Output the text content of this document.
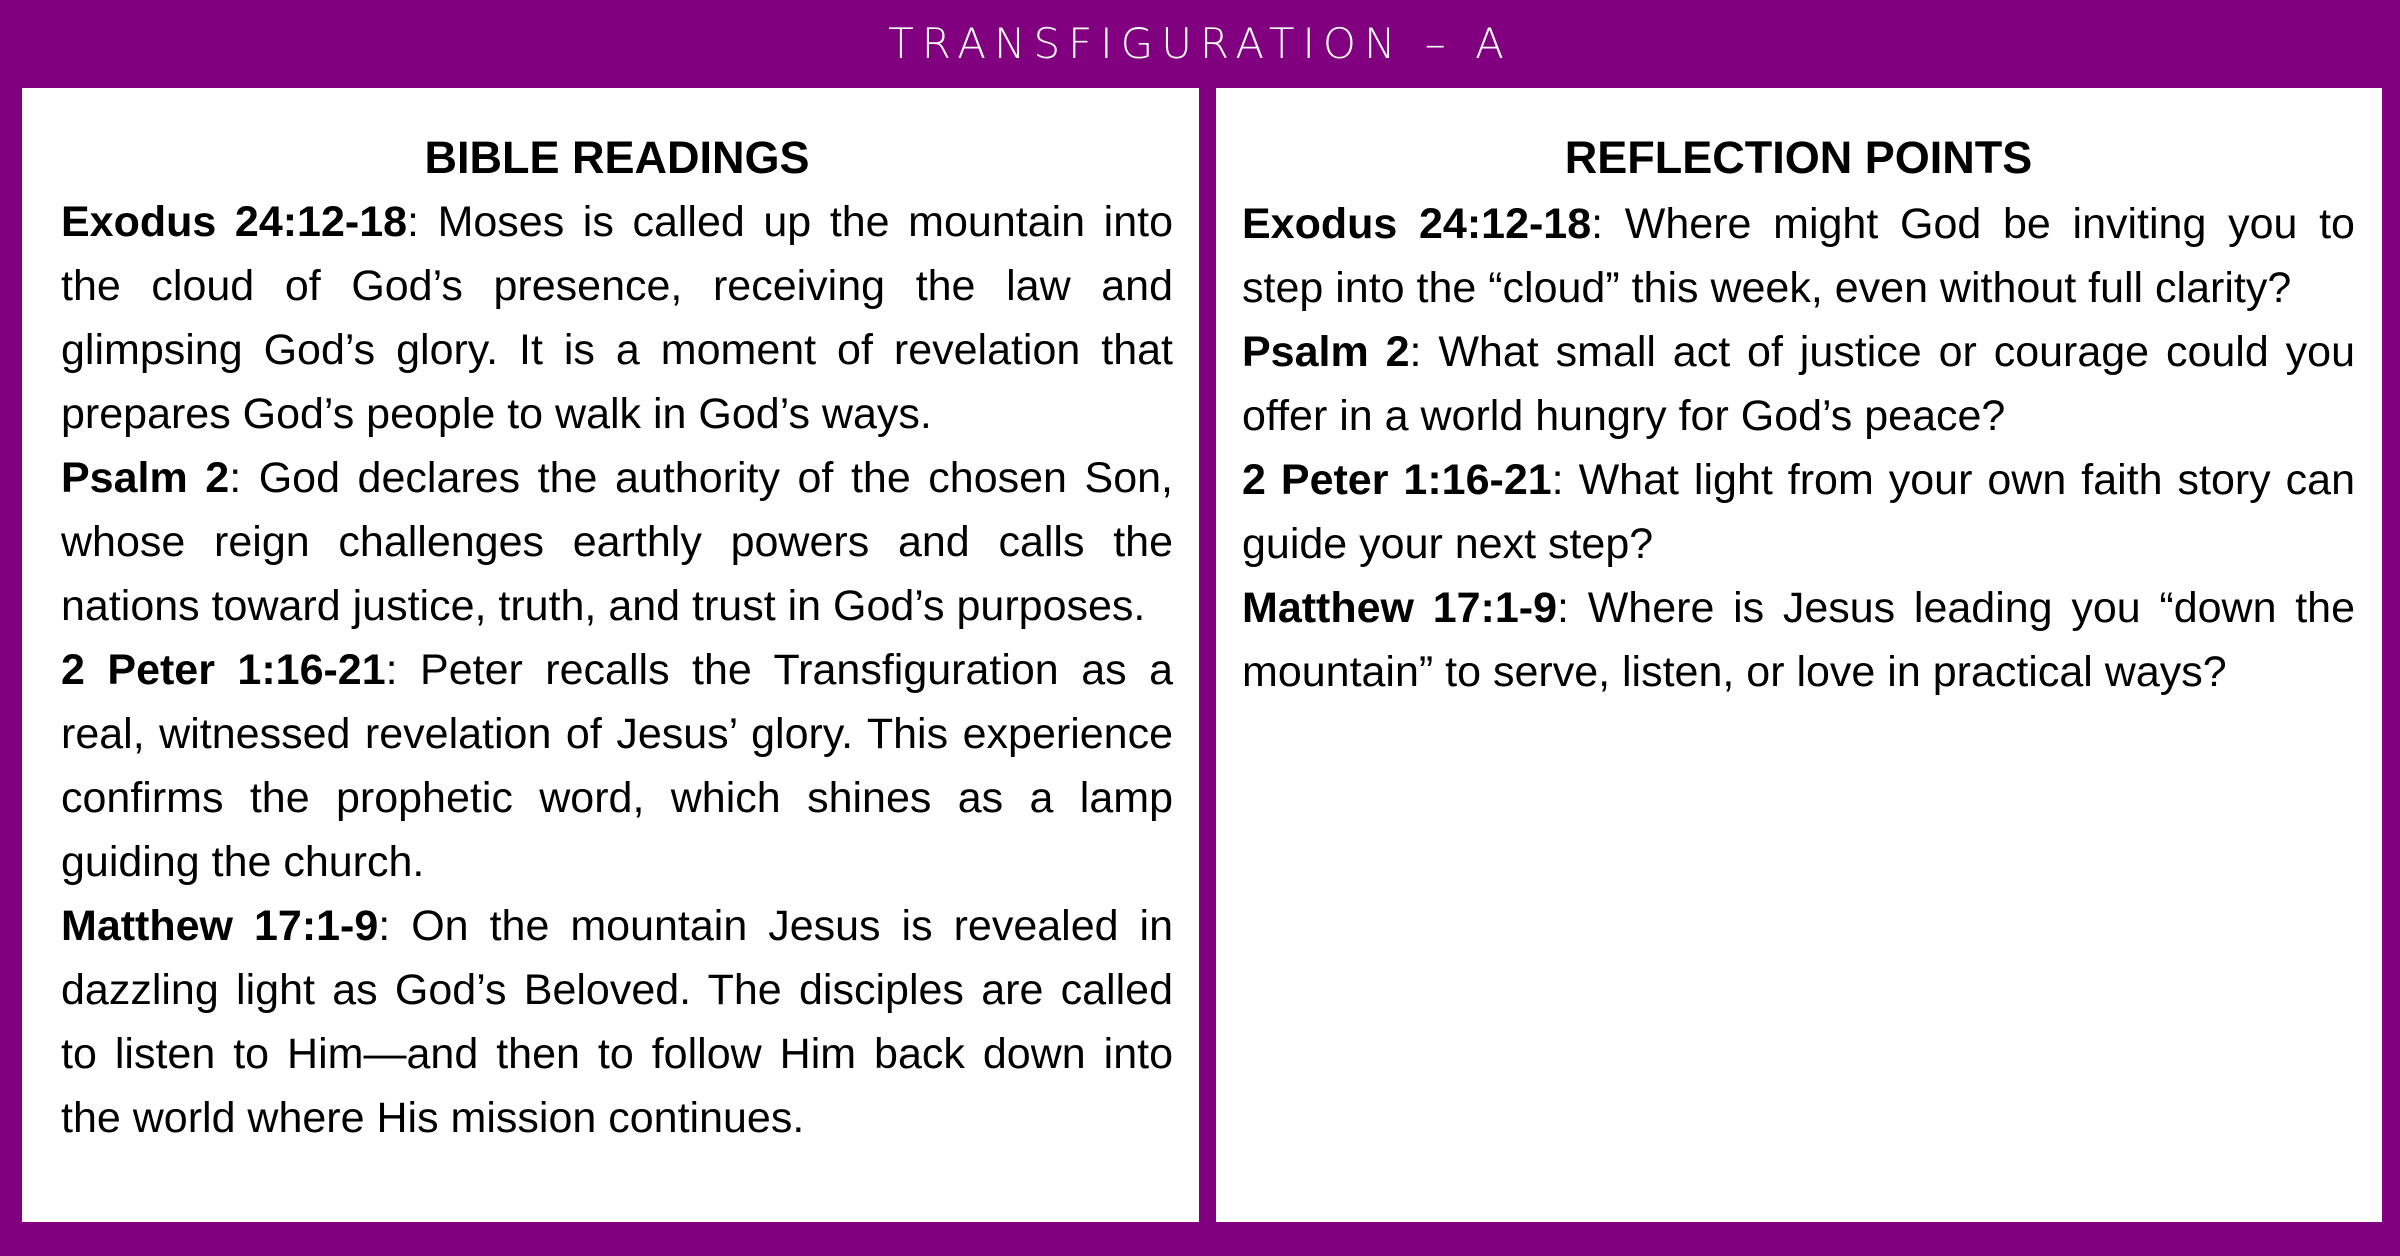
TRANSFIGURATION – A
BIBLE READINGS

Exodus 24:12-18: Moses is called up the mountain into the cloud of God’s presence, receiving the law and glimpsing God’s glory. It is a moment of revelation that prepares God’s people to walk in God’s ways.

Psalm 2: God declares the authority of the chosen Son, whose reign challenges earthly powers and calls the nations toward justice, truth, and trust in God’s purposes.

2 Peter 1:16-21: Peter recalls the Transfiguration as a real, witnessed revelation of Jesus’ glory. This experience confirms the prophetic word, which shines as a lamp guiding the church.

Matthew 17:1-9: On the mountain Jesus is revealed in dazzling light as God’s Beloved. The disciples are called to listen to Him—and then to follow Him back down into the world where His mission continues.

REFLECTION POINTS

Exodus 24:12-18: Where might God be inviting you to step into the “cloud” this week, even without full clarity?

Psalm 2: What small act of justice or courage could you offer in a world hungry for God’s peace?

2 Peter 1:16-21: What light from your own faith story can guide your next step?

Matthew 17:1-9: Where is Jesus leading you “down the mountain” to serve, listen, or love in practical ways?
